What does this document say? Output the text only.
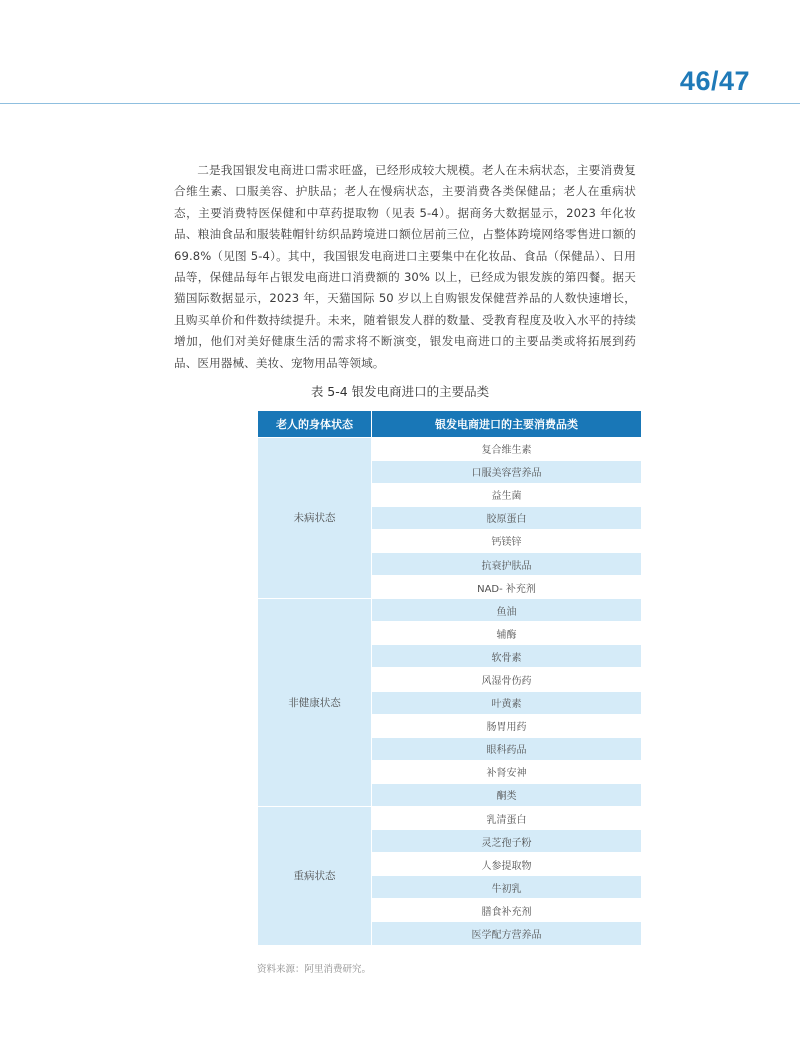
46/47

二是我国银发电商进口需求旺盛，已经形成较大规模。老人在未病状态，主要消费复合维生素、口服美容、护肤品；老人在慢病状态，主要消费各类保健品；老人在重病状态，主要消费特医保健和中草药提取物（见表 5-4）。据商务大数据显示，2023 年化妆品、粮油食品和服装鞋帽针纺织品跨境进口额位居前三位，占整体跨境网络零售进口额的 69.8%（见图 5-4）。其中，我国银发电商进口主要集中在化妆品、食品（保健品）、日用品等，保健品每年占银发电商进口消费额的 30% 以上，已经成为银发族的第四餐。据天猫国际数据显示，2023 年，天猫国际 50 岁以上自购银发保健营养品的人数快速增长，且购买单价和件数持续提升。未来，随着银发人群的数量、受教育程度及收入水平的持续增加，他们对美好健康生活的需求将不断演变，银发电商进口的主要品类或将拓展到药品、医用器械、美妆、宠物用品等领域。

表 5-4 银发电商进口的主要品类
老人的身体状态	银发电商进口的主要消费品类
未病状态	复合维生素
	口服美容营养品
	益生菌
	胶原蛋白
	钙镁锌
	抗衰护肤品
	NAD- 补充剂
非健康状态	鱼油
	辅酶
	软骨素
	风湿骨伤药
	叶黄素
	肠胃用药
	眼科药品
	补肾安神
	酮类
重病状态	乳清蛋白
	灵芝孢子粉
	人参提取物
	牛初乳
	膳食补充剂
	医学配方营养品
资料来源：阿里消费研究。
